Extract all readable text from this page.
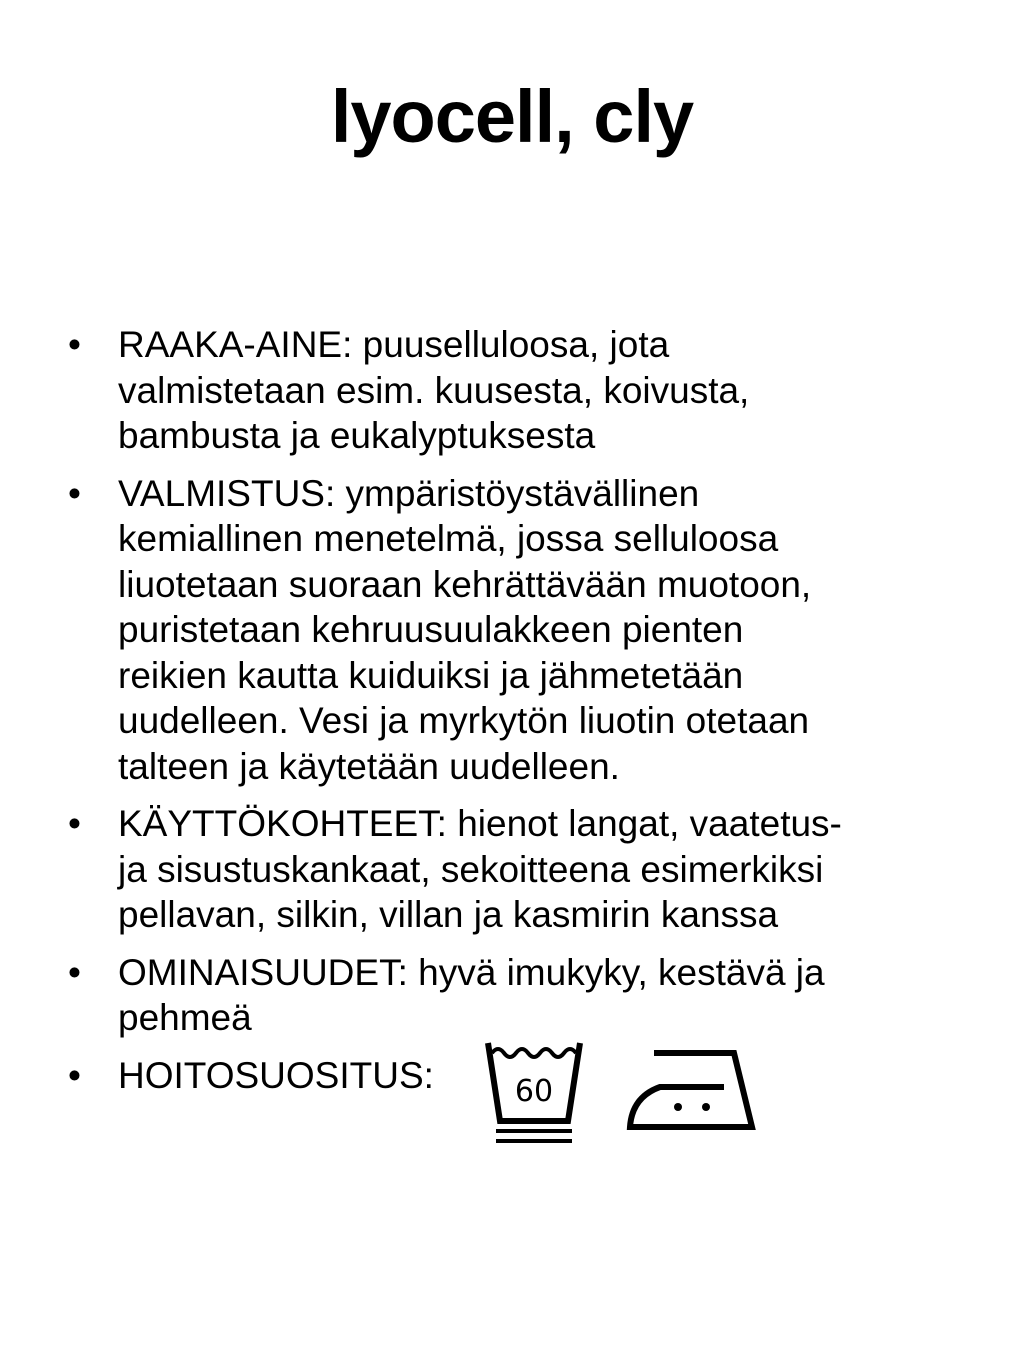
lyocell, cly
• RAAKA-AINE: puuselluloosa, jota
valmistetaan esim. kuusesta, koivusta,
bambusta ja eukalyptuksesta
• VALMISTUS: ympäristöystävällinen
kemiallinen menetelmä, jossa selluloosa
liuotetaan suoraan kehrättävään muotoon,
puristetaan kehruusuulakkeen pienten
reikien kautta kuiduiksi ja jähmetetään
uudelleen. Vesi ja myrkytön liuotin otetaan
talteen ja käytetään uudelleen.
• KÄYTTÖKOHTEET: hienot langat, vaatetus-
ja sisustuskankaat, sekoitteena esimerkiksi
pellavan, silkin, villan ja kasmirin kanssa
• OMINAISUUDET: hyvä imukyky, kestävä ja
pehmeä
• HOITOSUOSITUS:	60
